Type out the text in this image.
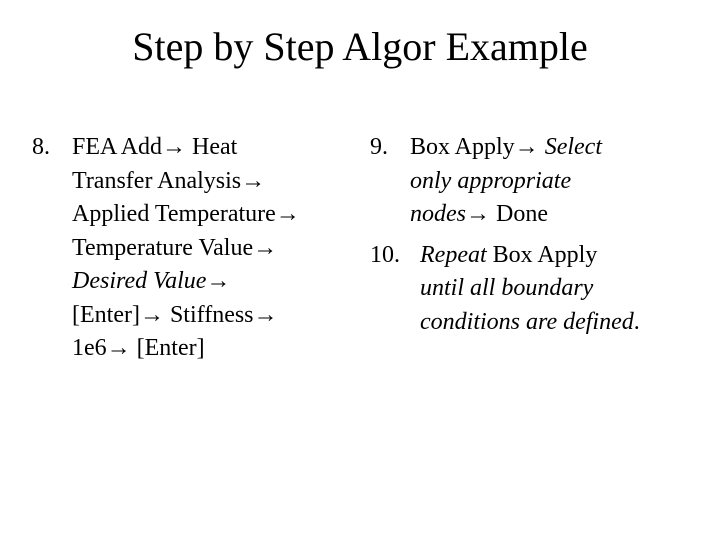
Step by Step Algor Example
8. FEA Add→ Heat
Transfer Analysis→
Applied Temperature→
Temperature Value→
Desired Value→
[Enter]→ Stiffness→
1e6→ [Enter]
9. Box Apply→ Select
only appropriate
nodes→ Done
10. Repeat Box Apply
until all boundary
conditions are defined.
